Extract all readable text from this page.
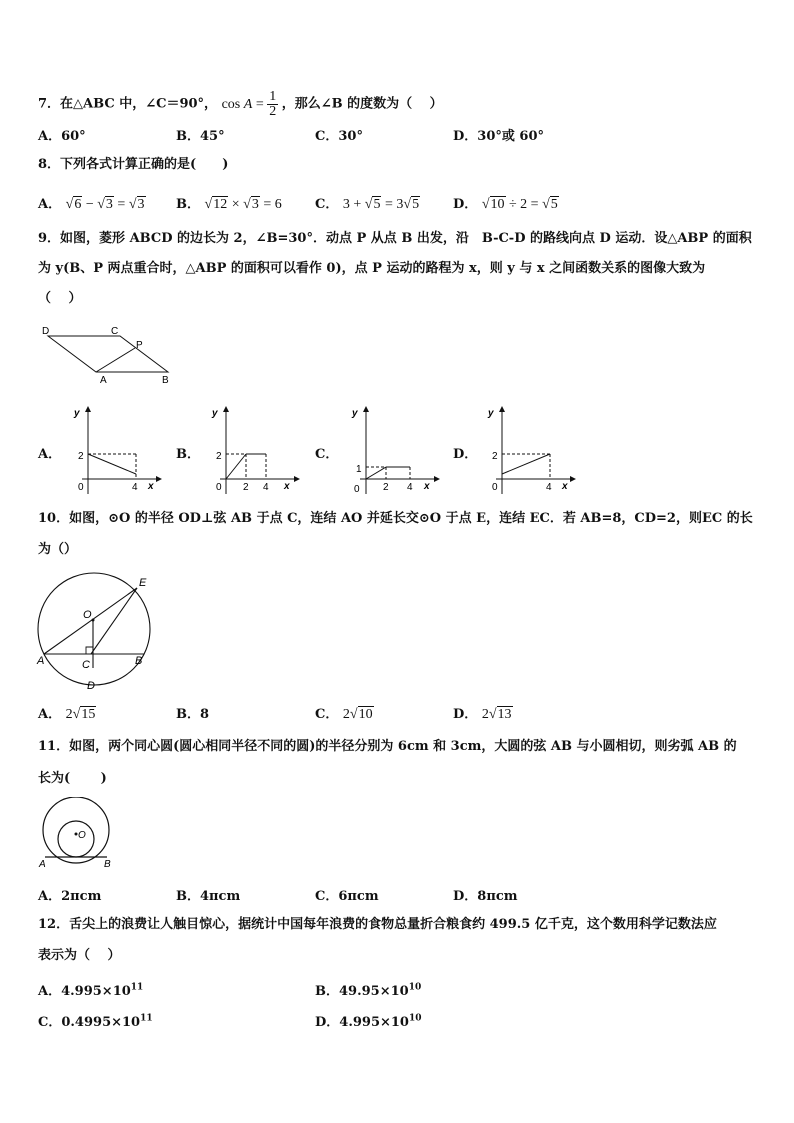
7．在△ABC 中，∠C＝90°， $\cos A = \frac{1}{2}$ ，那么∠B 的度数为（　 ）
A．60°	B．45°	C．30°	D．30°或 60°
8．下列各式计算正确的是(　　)
A． √6 − √3 = √3 B． √12 × √3 = 6	C． 3 + √5 = 3√5	D． √10 ÷ 2 = √5
9．如图，菱形 ABCD 的边长为 2，∠B=30°．动点 P 从点 B 出发，沿　B-C-D 的路线向点 D 运动．设△ABP 的面积
为 y(B、P 两点重合时，△ABP 的面积可以看作 0)，点 P 运动的路程为 x，则 y 与 x 之间函数关系的图像大致为
（　 ）
D	C
P
A	B
A．
y
2
0	4 x
B．
y
2
0 2 4 x
C．
y
1
0 2 4 x
D．
y
2
0	4 x
10．如图，⊙O 的半径 OD⊥弦 AB 于点 C，连结 AO 并延长交⊙O 于点 E，连结 EC．若 AB=8，CD=2，则EC 的长
为（）
E
O
A	C	B
D
A． 2√15	B．8	C． 2√10	D． 2√13
11．如图，两个同心圆(圆心相同半径不同的圆)的半径分别为 6cm 和 3cm，大圆的弦 AB 与小圆相切，则劣弧 AB 的
长为(　　 )
O
A	B
A．2πcm	B．4πcm	C．6πcm	D．8πcm
12．舌尖上的浪费让人触目惊心，据统计中国每年浪费的食物总量折合粮食约 499.5 亿千克，这个数用科学记数法应
表示为（　 ）
A．$4.995\times 10^{11}$	B．$49.95\times 10^{10}$
C．$0.4995\times 10^{11}$	D．$4.995\times 10^{10}$
